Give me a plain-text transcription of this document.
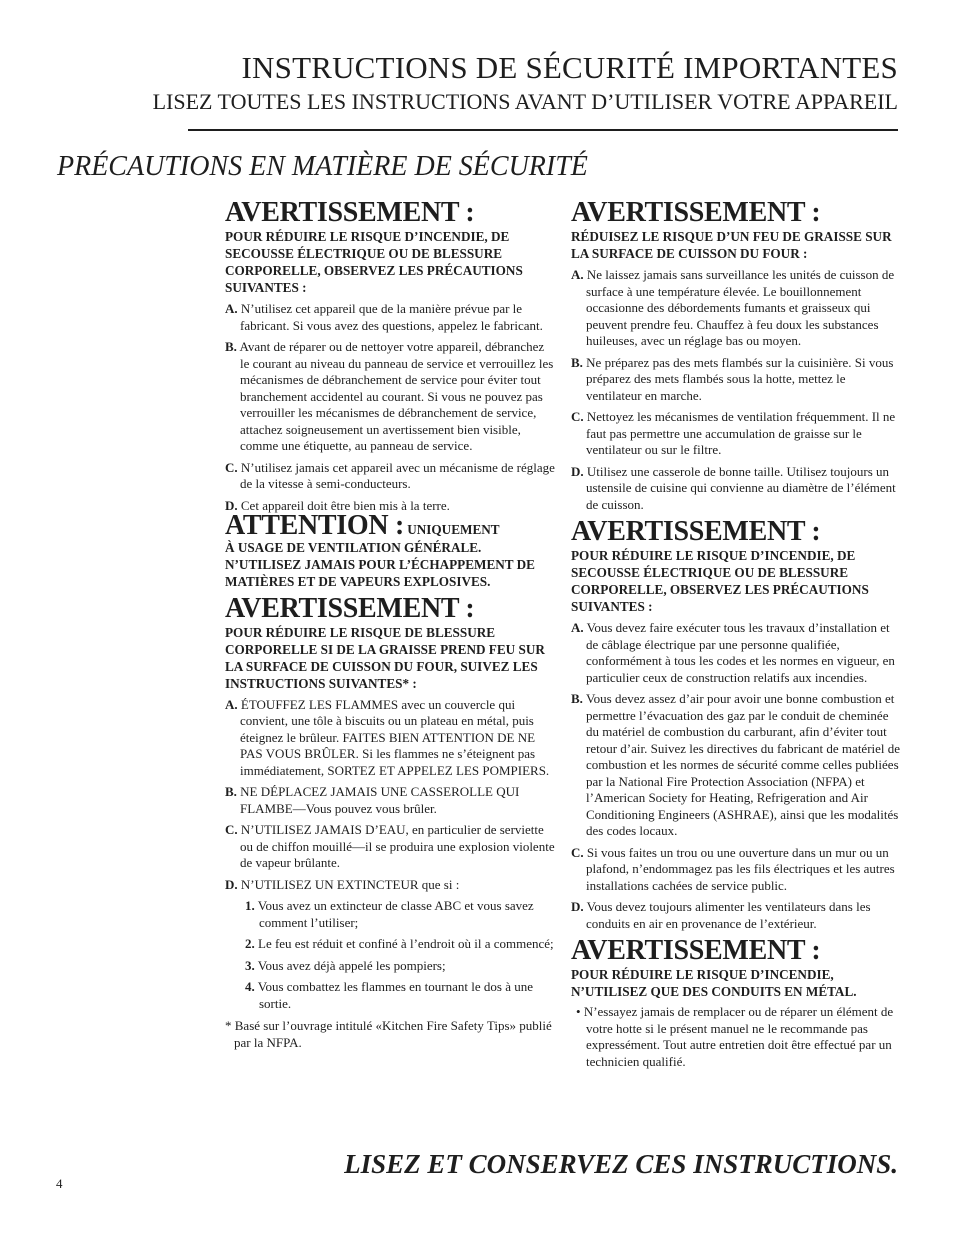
INSTRUCTIONS DE SÉCURITÉ IMPORTANTES
LISEZ TOUTES LES INSTRUCTIONS AVANT D’UTILISER VOTRE APPAREIL
PRÉCAUTIONS EN MATIÈRE DE SÉCURITÉ
AVERTISSEMENT :
POUR RÉDUIRE LE RISQUE D’INCENDIE, DE SECOUSSE ÉLECTRIQUE OU DE BLESSURE CORPORELLE, OBSERVEZ LES PRÉCAUTIONS SUIVANTES :
A. N’utilisez cet appareil que de la manière prévue par le fabricant. Si vous avez des questions, appelez le fabricant.
B. Avant de réparer ou de nettoyer votre appareil, débranchez le courant au niveau du panneau de service et verrouillez les mécanismes de débranchement de service pour éviter tout branchement accidentel au courant. Si vous ne pouvez pas verrouiller les mécanismes de débranchement de service, attachez soigneusement un avertissement bien visible, comme une étiquette, au panneau de service.
C. N’utilisez jamais cet appareil avec un mécanisme de réglage de la vitesse à semi-conducteurs.
D. Cet appareil doit être bien mis à la terre.
ATTENTION : UNIQUEMENT
À USAGE DE VENTILATION GÉNÉRALE. N’UTILISEZ JAMAIS POUR L’ÉCHAPPEMENT DE MATIÈRES ET DE VAPEURS EXPLOSIVES.
AVERTISSEMENT :
POUR RÉDUIRE LE RISQUE DE BLESSURE CORPORELLE SI DE LA GRAISSE PREND FEU SUR LA SURFACE DE CUISSON DU FOUR, SUIVEZ LES INSTRUCTIONS SUIVANTES* :
A. ÉTOUFFEZ LES FLAMMES avec un couvercle qui convient, une tôle à biscuits ou un plateau en métal, puis éteignez le brûleur. FAITES BIEN ATTENTION DE NE PAS VOUS BRÛLER. Si les flammes ne s’éteignent pas immédiatement, SORTEZ ET APPELEZ LES POMPIERS.
B. NE DÉPLACEZ JAMAIS UNE CASSEROLLE QUI FLAMBE—Vous pouvez vous brûler.
C. N’UTILISEZ JAMAIS D’EAU, en particulier de serviette ou de chiffon mouillé—il se produira une explosion violente de vapeur brûlante.
D. N’UTILISEZ UN EXTINCTEUR que si :
1. Vous avez un extincteur de classe ABC et vous savez comment l’utiliser;
2. Le feu est réduit et confiné à l’endroit où il a commencé;
3. Vous avez déjà appelé les pompiers;
4. Vous combattez les flammes en tournant le dos à une sortie.
* Basé sur l’ouvrage intitulé «Kitchen Fire Safety Tips» publié par la NFPA.
AVERTISSEMENT :
RÉDUISEZ LE RISQUE D’UN FEU DE GRAISSE SUR LA SURFACE DE CUISSON DU FOUR :
A. Ne laissez jamais sans surveillance les unités de cuisson de surface à une température élevée. Le bouillonnement occasionne des débordements fumants et graisseux qui peuvent prendre feu. Chauffez à feu doux les substances huileuses, avec un réglage bas ou moyen.
B. Ne préparez pas des mets flambés sur la cuisinière. Si vous préparez des mets flambés sous la hotte, mettez le ventilateur en marche.
C. Nettoyez les mécanismes de ventilation fréquemment. Il ne faut pas permettre une accumulation de graisse sur le ventilateur ou sur le filtre.
D. Utilisez une casserole de bonne taille. Utilisez toujours un ustensile de cuisine qui convienne au diamètre de l’élément de cuisson.
AVERTISSEMENT :
POUR RÉDUIRE LE RISQUE D’INCENDIE, DE SECOUSSE ÉLECTRIQUE OU DE BLESSURE CORPORELLE, OBSERVEZ LES PRÉCAUTIONS SUIVANTES :
A. Vous devez faire exécuter tous les travaux d’installation et de câblage électrique par une personne qualifiée, conformément à tous les codes et les normes en vigueur, en particulier ceux de construction relatifs aux incendies.
B. Vous devez assez d’air pour avoir une bonne combustion et permettre l’évacuation des gaz par le conduit de cheminée du matériel de combustion du carburant, afin d’éviter tout retour d’air. Suivez les directives du fabricant de matériel de combustion et les normes de sécurité comme celles publiées par la National Fire Protection Association (NFPA) et l’American Society for Heating, Refrigeration and Air Conditioning Engineers (ASHRAE), ainsi que les modalités des codes locaux.
C. Si vous faites un trou ou une ouverture dans un mur ou un plafond, n’endommagez pas les fils électriques et les autres installations cachées de service public.
D. Vous devez toujours alimenter les ventilateurs dans les conduits en air en provenance de l’extérieur.
AVERTISSEMENT :
POUR RÉDUIRE LE RISQUE D’INCENDIE, N’UTILISEZ QUE DES CONDUITS EN MÉTAL.
• N’essayez jamais de remplacer ou de réparer un élément de votre hotte si le présent manuel ne le recommande pas expressément. Tout autre entretien doit être effectué par un technicien qualifié.
LISEZ ET CONSERVEZ CES INSTRUCTIONS.
4
